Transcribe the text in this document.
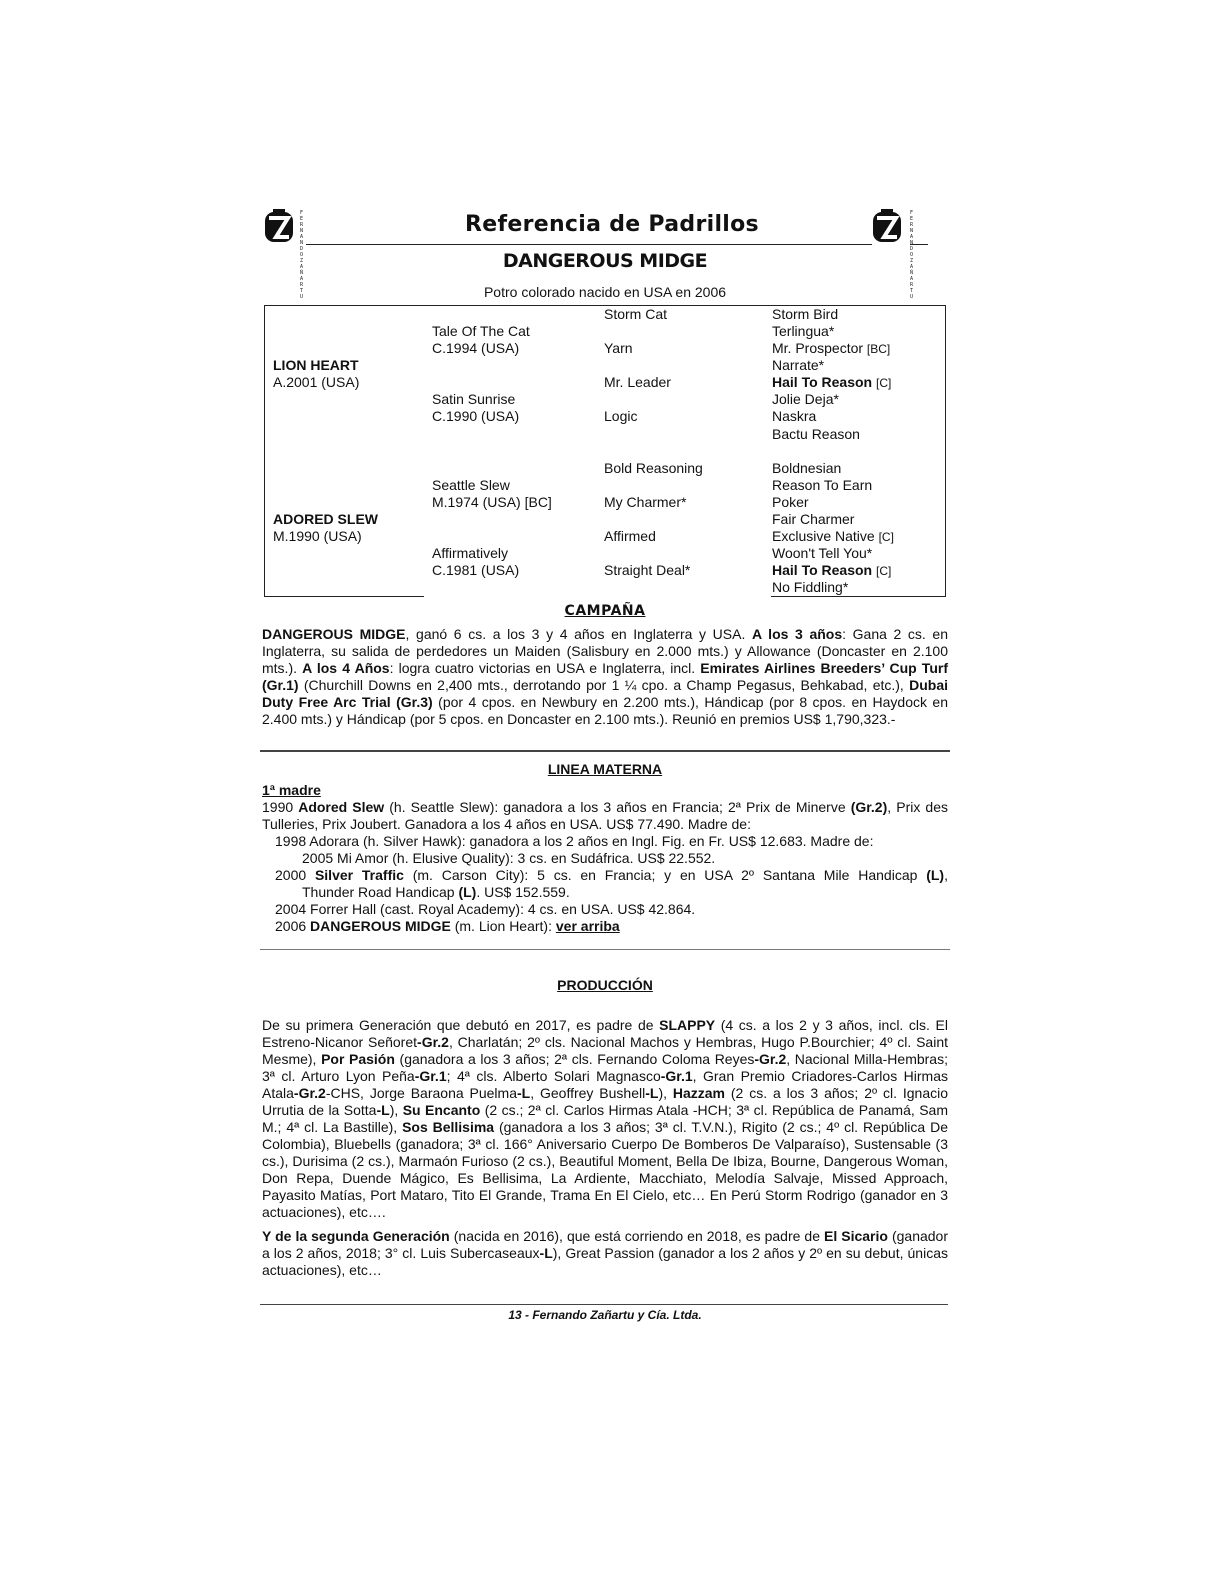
FERNANDO ZAÑARTU
FERNANDO ZAÑARTU
Referencia de Padrillos
DANGEROUS MIDGE
Potro colorado nacido en USA en 2006
LION HEART
A.2001 (USA)
ADORED SLEW
M.1990 (USA)
Tale Of The Cat
C.1994 (USA)
Satin Sunrise
C.1990 (USA)
Seattle Slew
M.1974 (USA) [BC]
Affirmatively
C.1981 (USA)
Storm Cat
Yarn
Mr. Leader
Logic
Bold Reasoning
My Charmer*
Affirmed
Straight Deal*
Storm Bird
Terlingua*
Mr. Prospector [BC]
Narrate*
Hail To Reason [C]
Jolie Deja*
Naskra
Bactu Reason
Boldnesian
Reason To Earn
Poker
Fair Charmer
Exclusive Native [C]
Woon't Tell You*
Hail To Reason [C]
No Fiddling*
CAMPAÑA
DANGEROUS MIDGE, ganó 6 cs. a los 3 y 4 años en Inglaterra y USA. A los 3 años: Gana 2 cs. en Inglaterra, su salida de perdedores un Maiden (Salisbury en 2.000 mts.) y Allowance (Doncaster en 2.100 mts.). A los 4 Años: logra cuatro victorias en USA e Inglaterra, incl. Emirates Airlines Breeders’ Cup Turf (Gr.1) (Churchill Downs en 2,400 mts., derrotando por 1 ¼ cpo. a Champ Pegasus, Behkabad, etc.), Dubai Duty Free Arc Trial (Gr.3) (por 4 cpos. en Newbury en 2.200 mts.), Hándicap (por 8 cpos. en Haydock en 2.400 mts.) y Hándicap (por 5 cpos. en Doncaster en 2.100 mts.). Reunió en premios US$ 1,790,323.-
LINEA MATERNA
1ª madre
1990 Adored Slew (h. Seattle Slew): ganadora a los 3 años en Francia; 2ª Prix de Minerve (Gr.2), Prix des Tulleries, Prix Joubert. Ganadora a los 4 años en USA. US$ 77.490. Madre de:
1998 Adorara (h. Silver Hawk): ganadora a los 2 años en Ingl. Fig. en Fr. US$ 12.683. Madre de:
2005 Mi Amor (h. Elusive Quality): 3 cs. en Sudáfrica. US$ 22.552.
2000 Silver Traffic (m. Carson City): 5 cs. en Francia; y en USA 2º Santana Mile Handicap (L),
Thunder Road Handicap (L). US$ 152.559.
2004 Forrer Hall (cast. Royal Academy): 4 cs. en USA. US$ 42.864.
2006 DANGEROUS MIDGE (m. Lion Heart): ver arriba
PRODUCCIÓN
De su primera Generación que debutó en 2017, es padre de SLAPPY (4 cs. a los 2 y 3 años, incl. cls. El Estreno-Nicanor Señoret-Gr.2, Charlatán; 2º cls. Nacional Machos y Hembras, Hugo P.Bourchier; 4º cl. Saint Mesme), Por Pasión (ganadora a los 3 años; 2ª cls. Fernando Coloma Reyes-Gr.2, Nacional Milla-Hembras; 3ª cl. Arturo Lyon Peña-Gr.1; 4ª cls. Alberto Solari Magnasco-Gr.1, Gran Premio Criadores-Carlos Hirmas Atala-Gr.2-CHS, Jorge Baraona Puelma-L, Geoffrey Bushell-L), Hazzam (2 cs. a los 3 años; 2º cl. Ignacio Urrutia de la Sotta-L), Su Encanto (2 cs.; 2ª cl. Carlos Hirmas Atala -HCH; 3ª cl. República de Panamá, Sam M.; 4ª cl. La Bastille), Sos Bellisima (ganadora a los 3 años; 3ª cl. T.V.N.), Rigito (2 cs.; 4º cl. República De Colombia), Bluebells (ganadora; 3ª cl. 166° Aniversario Cuerpo De Bomberos De Valparaíso), Sustensable (3 cs.), Durisima (2 cs.), Marmaón Furioso (2 cs.), Beautiful Moment, Bella De Ibiza, Bourne, Dangerous Woman, Don Repa, Duende Mágico, Es Bellisima, La Ardiente, Macchiato, Melodía Salvaje, Missed Approach, Payasito Matías, Port Mataro, Tito El Grande, Trama En El Cielo, etc… En Perú Storm Rodrigo (ganador en 3 actuaciones), etc….
Y de la segunda Generación (nacida en 2016), que está corriendo en 2018, es padre de El Sicario (ganador a los 2 años, 2018; 3° cl. Luis Subercaseaux-L), Great Passion (ganador a los 2 años y 2º en su debut, únicas actuaciones), etc…
13 - Fernando Zañartu y Cía. Ltda.
